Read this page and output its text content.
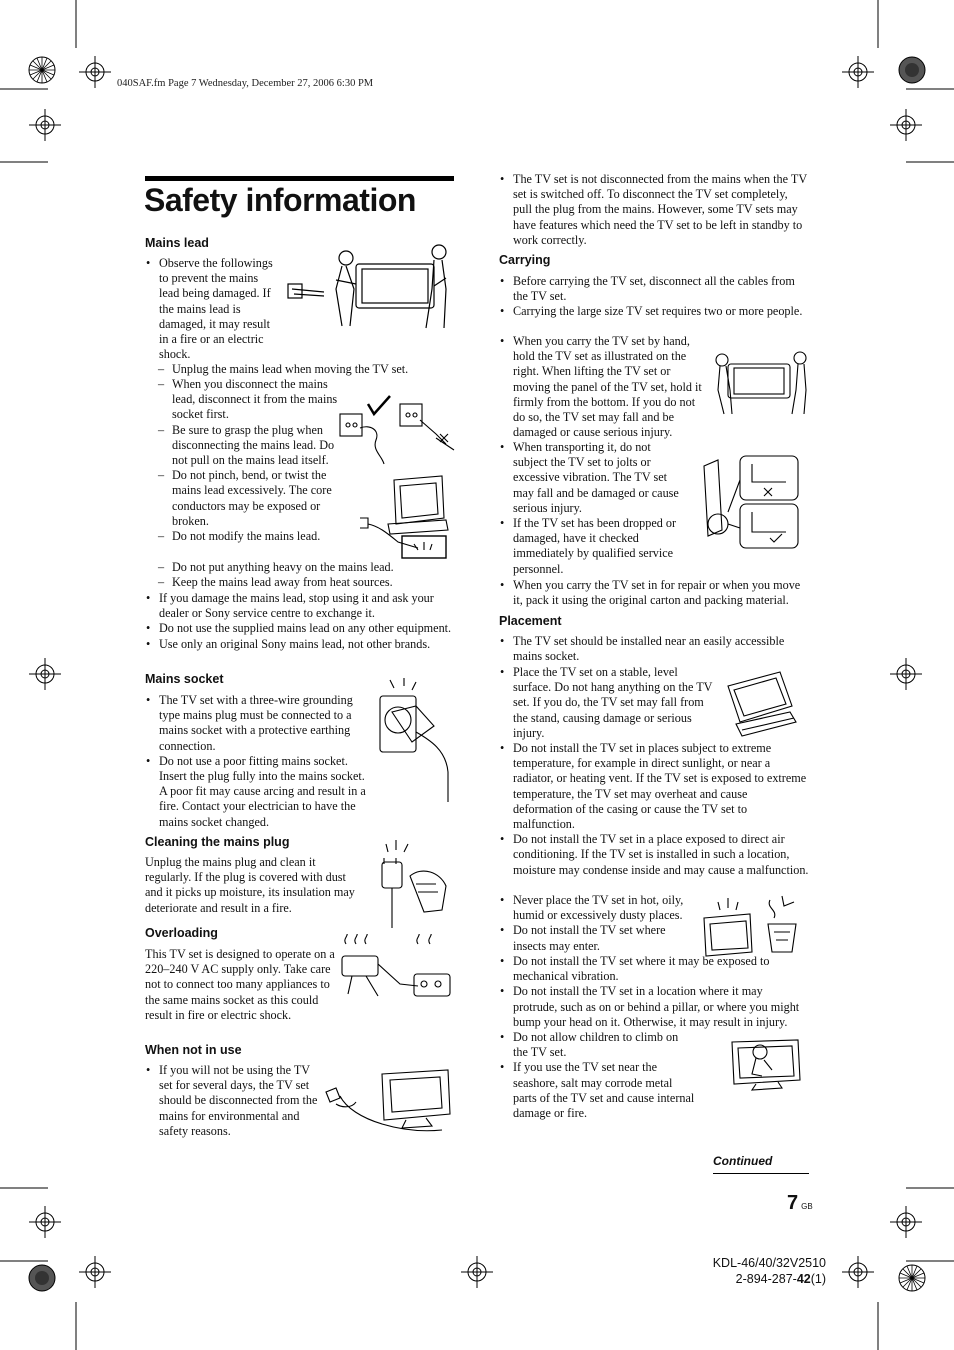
040SAF.fm Page 7 Wednesday, December 27, 2006 6:30 PM
Safety information
Mains lead
• Observe the followings to prevent the mains lead being damaged. If the mains lead is damaged, it may result in a fire or an electric shock.
– Unplug the mains lead when moving the TV set.
– When you disconnect the mains lead, disconnect it from the mains socket first.
– Be sure to grasp the plug when disconnecting the mains lead. Do not pull on the mains lead itself.
– Do not pinch, bend, or twist the mains lead excessively. The core conductors may be exposed or broken.
– Do not modify the mains lead.
– Do not put anything heavy on the mains lead.
– Keep the mains lead away from heat sources.
• If you damage the mains lead, stop using it and ask your dealer or Sony service centre to exchange it.
• Do not use the supplied mains lead on any other equipment.
• Use only an original Sony mains lead, not other brands.
Mains socket
• The TV set with a three-wire grounding type mains plug must be connected to a mains socket with a protective earthing connection.
• Do not use a poor fitting mains socket. Insert the plug fully into the mains socket. A poor fit may cause arcing and result in a fire. Contact your electrician to have the mains socket changed.
Cleaning the mains plug
Unplug the mains plug and clean it regularly. If the plug is covered with dust and it picks up moisture, its insulation may deteriorate and result in a fire.
Overloading
This TV set is designed to operate on a 220–240 V AC supply only. Take care not to connect too many appliances to the same mains socket as this could result in fire or electric shock.
When not in use
• If you will not be using the TV set for several days, the TV set should be disconnected from the mains for environmental and safety reasons.
• The TV set is not disconnected from the mains when the TV set is switched off. To disconnect the TV set completely, pull the plug from the mains. However, some TV sets may have features which need the TV set to be left in standby to work correctly.
Carrying
• Before carrying the TV set, disconnect all the cables from the TV set.
• Carrying the large size TV set requires two or more people.
• When you carry the TV set by hand, hold the TV set as illustrated on the right. When lifting the TV set or moving the panel of the TV set, hold it firmly from the bottom. If you do not do so, the TV set may fall and be damaged or cause serious injury.
• When transporting it, do not subject the TV set to jolts or excessive vibration. The TV set may fall and be damaged or cause serious injury.
• If the TV set has been dropped or damaged, have it checked immediately by qualified service personnel.
• When you carry the TV set in for repair or when you move it, pack it using the original carton and packing material.
Placement
• The TV set should be installed near an easily accessible mains socket.
• Place the TV set on a stable, level surface. Do not hang anything on the TV set. If you do, the TV set may fall from the stand, causing damage or serious injury.
• Do not install the TV set in places subject to extreme temperature, for example in direct sunlight, or near a radiator, or heating vent. If the TV set is exposed to extreme temperature, the TV set may overheat and cause deformation of the casing or cause the TV set to malfunction.
• Do not install the TV set in a place exposed to direct air conditioning. If the TV set is installed in such a location, moisture may condense inside and may cause a malfunction.
• Never place the TV set in hot, oily, humid or excessively dusty places.
• Do not install the TV set where insects may enter.
• Do not install the TV set where it may be exposed to mechanical vibration.
• Do not install the TV set in a location where it may protrude, such as on or behind a pillar, or where you might bump your head on it. Otherwise, it may result in injury.
• Do not allow children to climb on the TV set.
• If you use the TV set near the seashore, salt may corrode metal parts of the TV set and cause internal damage or fire.
Continued
7 GB
KDL-46/40/32V2510
2-894-287-42(1)
